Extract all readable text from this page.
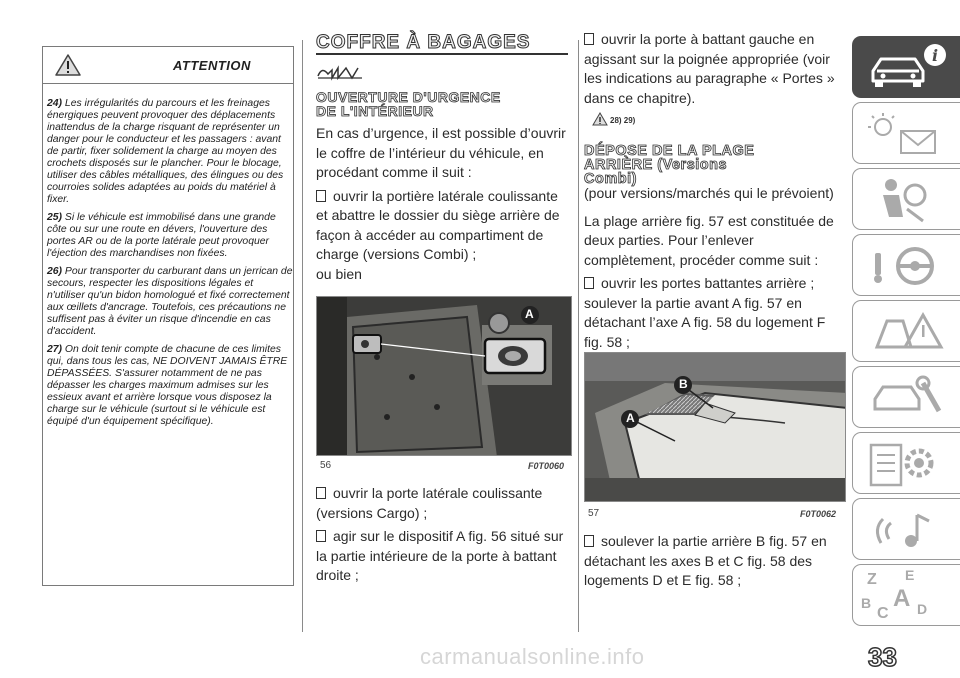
ATTENTION

24) Les irrégularités du parcours et les freinages énergiques peuvent provoquer des déplacements inattendus de la charge risquant de représenter un danger pour le conducteur et les passagers : avant de partir, fixer solidement la charge au moyen des crochets disposés sur le plancher. Pour le blocage, utiliser des câbles métalliques, des élingues ou des courroies solides adaptées au poids du matériel à fixer.

25) Si le véhicule est immobilisé dans une grande côte ou sur une route en dévers, l'ouverture des portes AR ou de la porte latérale peut provoquer l'éjection des marchandises non fixées.

26) Pour transporter du carburant dans un jerrican de secours, respecter les dispositions légales et n'utiliser qu'un bidon homologué et fixé correctement aux œillets d'ancrage. Toutefois, ces précautions ne suffisent pas à éviter un risque d'incendie en cas d'accident.

27) On doit tenir compte de chacune de ces limites qui, dans tous les cas, NE DOIVENT JAMAIS ÊTRE DÉPASSÉES. S'assurer notamment de ne pas dépasser les charges maximum admises sur les essieux avant et arrière lorsque vous disposez la charge sur le véhicule (surtout si le véhicule est équipé d'un équipement spécifique).

COFFRE À BAGAGES
OUVERTURE D'URGENCE
DE L'INTÉRIEUR

En cas d’urgence, il est possible d’ouvrir le coffre de l’intérieur du véhicule, en procédant comme il suit :

ouvrir la portière latérale coulissante et abattre le dossier du siège arrière de façon à accéder au compartiment de charge (versions Combi) ;

ou bien

A
56	F0T0060

ouvrir la porte latérale coulissante (versions Cargo) ;

agir sur le dispositif A fig. 56 situé sur la partie intérieure de la porte à battant droite ;

ouvrir la porte à battant gauche en agissant sur la poignée appropriée (voir les indications au paragraphe « Portes » dans ce chapitre).

28) 29)
DÉPOSE DE LA PLAGE
ARRIÈRE (Versions
Combi)

(pour versions/marchés qui le prévoient)

La plage arrière fig. 57 est constituée de deux parties. Pour l’enlever complètement, procéder comme suit :

ouvrir les portes battantes arrière ; soulever la partie avant A fig. 57 en détachant l’axe A fig. 58 du logement F fig. 58 ;

A
B
57	F0T0062

soulever la partie arrière B fig. 57 en détachant les axes B et C fig. 58 des logements D et E fig. 58 ;

i
Z E
B A
C D
33
carmanualsonline.info
